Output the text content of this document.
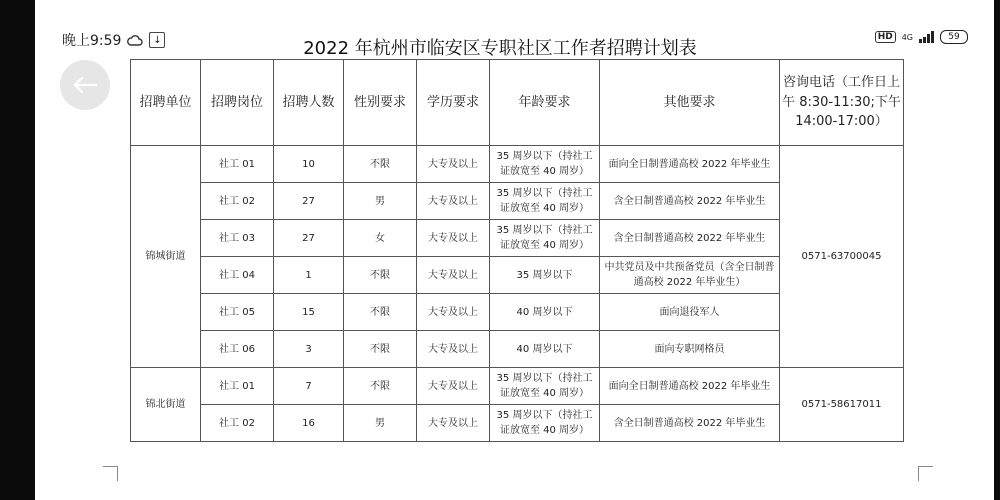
晚上9:59	↓	HD	4G	59
2022 年杭州市临安区专职社区工作者招聘计划表
招聘单位	招聘岗位	招聘人数	性别要求	学历要求	年龄要求	其他要求	咨询电话（工作日上午 8:30-11:30;下午 14:00-17:00）
锦城街道	社工 01	10	不限	大专及以上	35 周岁以下（持社工证放宽至 40 周岁）	面向全日制普通高校 2022 年毕业生	0571-63700045
	社工 02	27	男	大专及以上	35 周岁以下（持社工证放宽至 40 周岁）	含全日制普通高校 2022 年毕业生	
	社工 03	27	女	大专及以上	35 周岁以下（持社工证放宽至 40 周岁）	含全日制普通高校 2022 年毕业生	
	社工 04	1	不限	大专及以上	35 周岁以下	中共党员及中共预备党员（含全日制普通高校 2022 年毕业生）	
	社工 05	15	不限	大专及以上	40 周岁以下	面向退役军人	
	社工 06	3	不限	大专及以上	40 周岁以下	面向专职网格员	
锦北街道	社工 01	7	不限	大专及以上	35 周岁以下（持社工证放宽至 40 周岁）	面向全日制普通高校 2022 年毕业生	0571-58617011
	社工 02	16	男	大专及以上	35 周岁以下（持社工证放宽至 40 周岁）	含全日制普通高校 2022 年毕业生	
